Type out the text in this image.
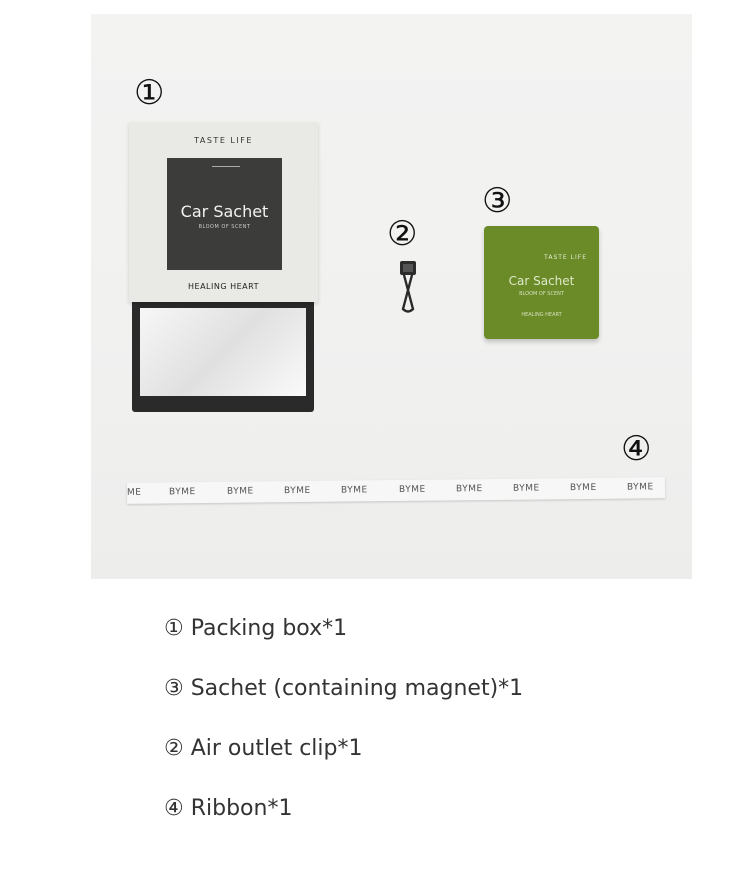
①
②
③
④
TASTE LIFE
Car Sachet
BLOOM OF SCENT
HEALING HEART
TASTE LIFE
Car Sachet
BLOOM OF SCENT
HEALING HEART
ME	BYME	BYME	BYME	BYME	BYME	BYME	BYME	BYME	BYME
① Packing box*1
③ Sachet (containing magnet)*1
② Air outlet clip*1
④ Ribbon*1
